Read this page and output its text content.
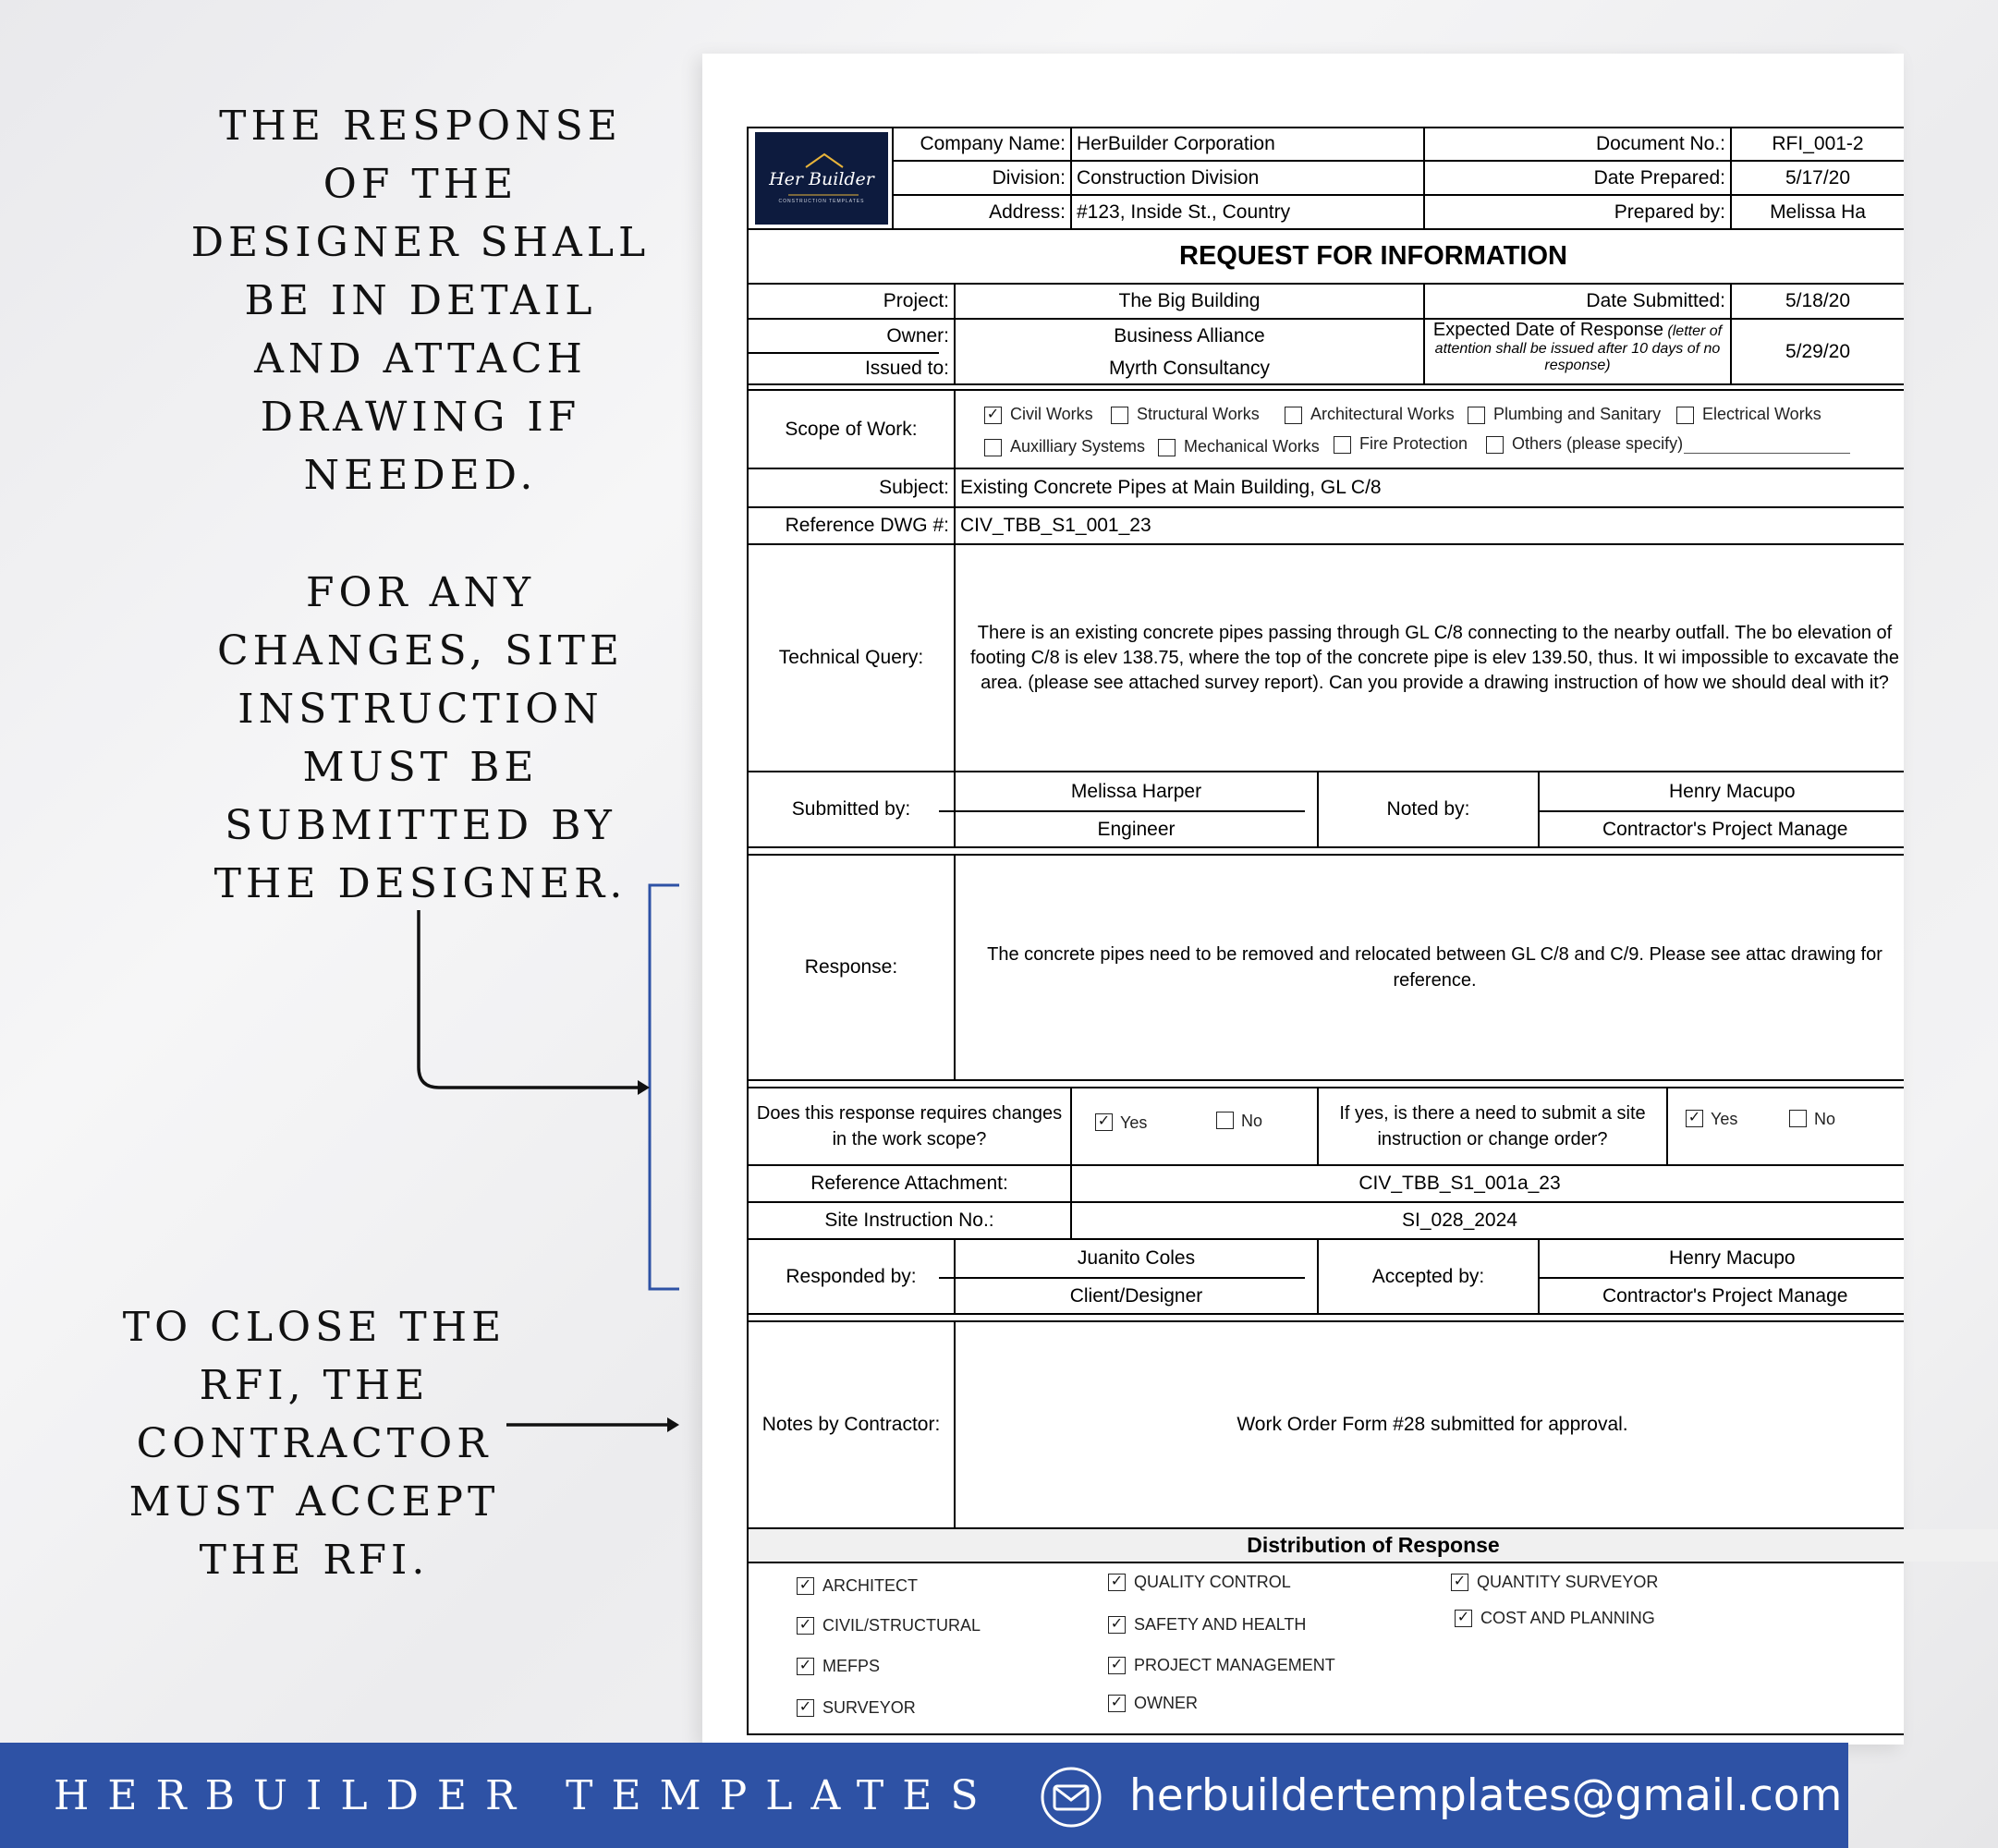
THE RESPONSE OF THE DESIGNER SHALL BE IN DETAIL AND ATTACH DRAWING IF NEEDED.
FOR ANY CHANGES, SITE INSTRUCTION MUST BE SUBMITTED BY THE DESIGNER.
TO CLOSE THE RFI, THE CONTRACTOR MUST ACCEPT THE RFI.
Her Builder
CONSTRUCTION TEMPLATES
Company Name: HerBuilder Corporation
Division: Construction Division
Address: #123, Inside St., Country
Document No.:	RFI_001-2
Date Prepared:	5/17/20
Prepared by:	Melissa Ha
REQUEST FOR INFORMATION
Project:	The Big Building
Owner:	Business Alliance
Issued to:	Myrth Consultancy
Date Submitted:	5/18/20
Expected Date of Response (letter of attention shall be issued after 10 days of no response)
5/29/20
Scope of Work:
✓ Civil Works	Structural Works	Architectural Works Plumbing and Sanitary Electrical Works
Auxilliary Systems Mechanical Works Fire Protection	Others (please specify)
Subject: Existing Concrete Pipes at Main Building, GL C/8
Reference DWG #: CIV_TBB_S1_001_23
Technical Query:
There is an existing concrete pipes passing through GL C/8 connecting to the nearby outfall. The bo elevation of footing C/8 is elev 138.75, where the top of the concrete pipe is elev 139.50, thus. It wi impossible to excavate the area. (please see attached survey report). Can you provide a drawing instruction of how we should deal with it?
Submitted by:
Melissa Harper
Engineer
Noted by:
Henry Macupo
Contractor's Project Manage
Response:
The concrete pipes need to be removed and relocated between GL C/8 and C/9. Please see attac drawing for reference.
Does this response requires changes in the work scope?
✓ Yes	No	If yes, is there a need to submit a site instruction or change order?
✓ Yes	No
Reference Attachment:	CIV_TBB_S1_001a_23
Site Instruction No.:	SI_028_2024
Responded by:
Juanito Coles
Client/Designer
Accepted by:
Henry Macupo
Contractor's Project Manage
Notes by Contractor:	Work Order Form #28 submitted for approval.
Distribution of Response
✓ ARCHITECT
✓ CIVIL/STRUCTURAL
✓ MEFPS
✓ SURVEYOR
✓ QUALITY CONTROL
✓ SAFETY AND HEALTH
✓ PROJECT MANAGEMENT
✓ OWNER
✓ QUANTITY SURVEYOR
✓ COST AND PLANNING
HERBUILDER TEMPLATES	herbuildertemplates@gmail.com
